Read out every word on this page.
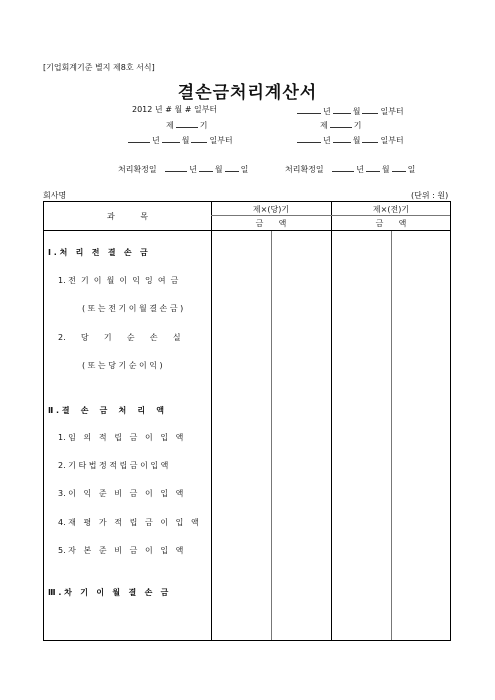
[기업회계기준 별지 제8호 서식]
결손금처리계산서
2012 년 # 월 # 일부터
제	기
년	월	일부터
년	월	일부터
제	기
년	월	일부터
처리확정일	년 월 일	처리확정일	년 월 일
회사명	(단위 : 원)
과          목
제×(당)기	제×(전)기
금      액	금      액
Ⅰ . 처   리   전   결   손   금
1. 전  기  이  월  이  익  잉  여  금
( 또 는 전 기 이 월 결 손 금 )
2.      당      기      순      손      실
( 또 는 당 기 순 이 익 )
Ⅱ . 결    손    금    처    리    액
1. 임   의   적   립   금   이   입   액
2. 기 타 법 정 적 립 금 이 입 액
3. 이   익   준   비   금   이   입   액
4. 재   평   가   적   립   금   이   입   액
5. 자   본   준   비   금   이   입   액
Ⅲ . 차   기   이   월   결   손   금
